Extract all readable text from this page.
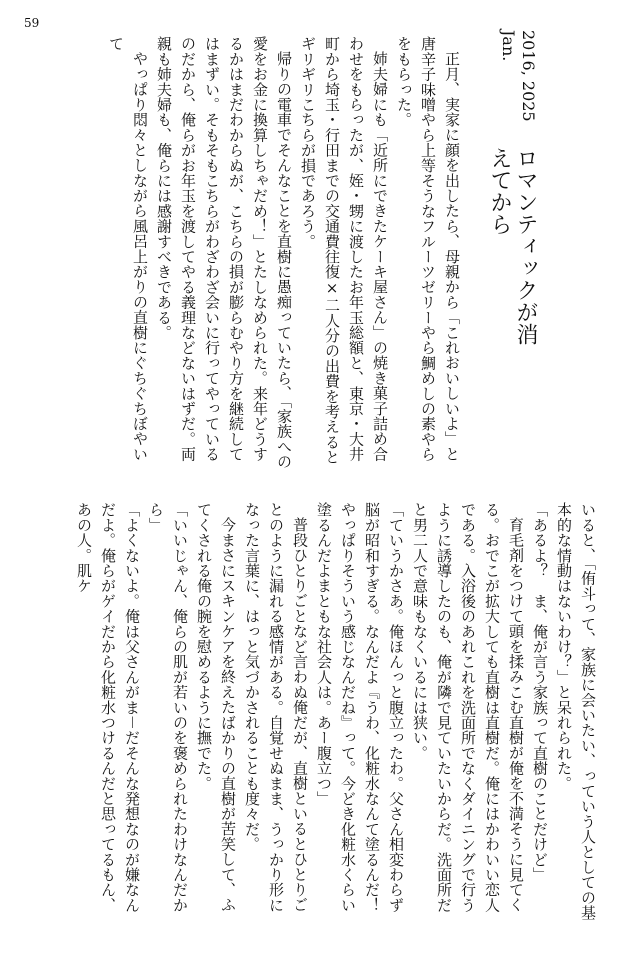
59
2016, 2025 Jan.
ロマンティックが消えてから

正月、実家に顔を出したら、母親から「これおいしいよ」と唐辛子味噌やら上等そうなフルーツゼリーやら鯛めしの素やらをもらった。

姉夫婦にも「近所にできたケーキ屋さん」の焼き菓子詰め合わせをもらったが、姪・甥に渡したお年玉総額と、東京・大井町から埼玉・行田までの交通費往復×二人分の出費を考えるとギリギリこちらが損であろう。

帰りの電車でそんなことを直樹に愚痴っていたら、「家族への愛をお金に換算しちゃだめ！」とたしなめられた。来年どうするかはまだわからぬが、こちらの損が膨らむやり方を継続してはまずい。そもそもこちらがわざわざ会いに行ってやっているのだから、俺らがお年玉を渡してやる義理などないはずだ。両親も姉夫婦も、俺らには感謝すべきである。

やっぱり悶々としながら風呂上がりの直樹にぐちぐちぼやいて

いると、「侑斗って、家族に会いたい、っていう人としての基本的な情動はないわけ？」と呆れられた。

「あるよ？　ま、俺が言う家族って直樹のことだけど」

育毛剤をつけて頭を揉みこむ直樹が俺を不満そうに見てくる。おでこが拡大しても直樹は直樹だ。俺にはかわいい恋人である。入浴後のあれこれを洗面所でなくダイニングで行うように誘導したのも、俺が隣で見ていたいからだ。洗面所だと男二人で意味もなくいるには狭い。

「ていうかさあ。俺ほんっと腹立ったわ。父さん相変わらず脳が昭和すぎる。なんだよ『うわ、化粧水なんて塗るんだ！　やっぱりそういう感じなんだね』って。今どき化粧水くらい塗るんだよまともな社会人は。あー腹立つ」

普段ひとりごとなど言わぬ俺だが、直樹といるとひとりごとのように漏れる感情がある。自覚せぬまま、うっかり形になった言葉に、はっと気づかされることも度々だ。

今まさにスキンケアを終えたばかりの直樹が苦笑して、ふてくされる俺の腕を慰めるように撫でた。

「いいじゃん、俺らの肌が若いのを褒められたわけなんだから」

「よくないよ。俺は父さんがま－だそんな発想なのが嫌なんだよ。俺らがゲイだから化粧水つけるんだと思ってるもん、あの人。肌ケ
